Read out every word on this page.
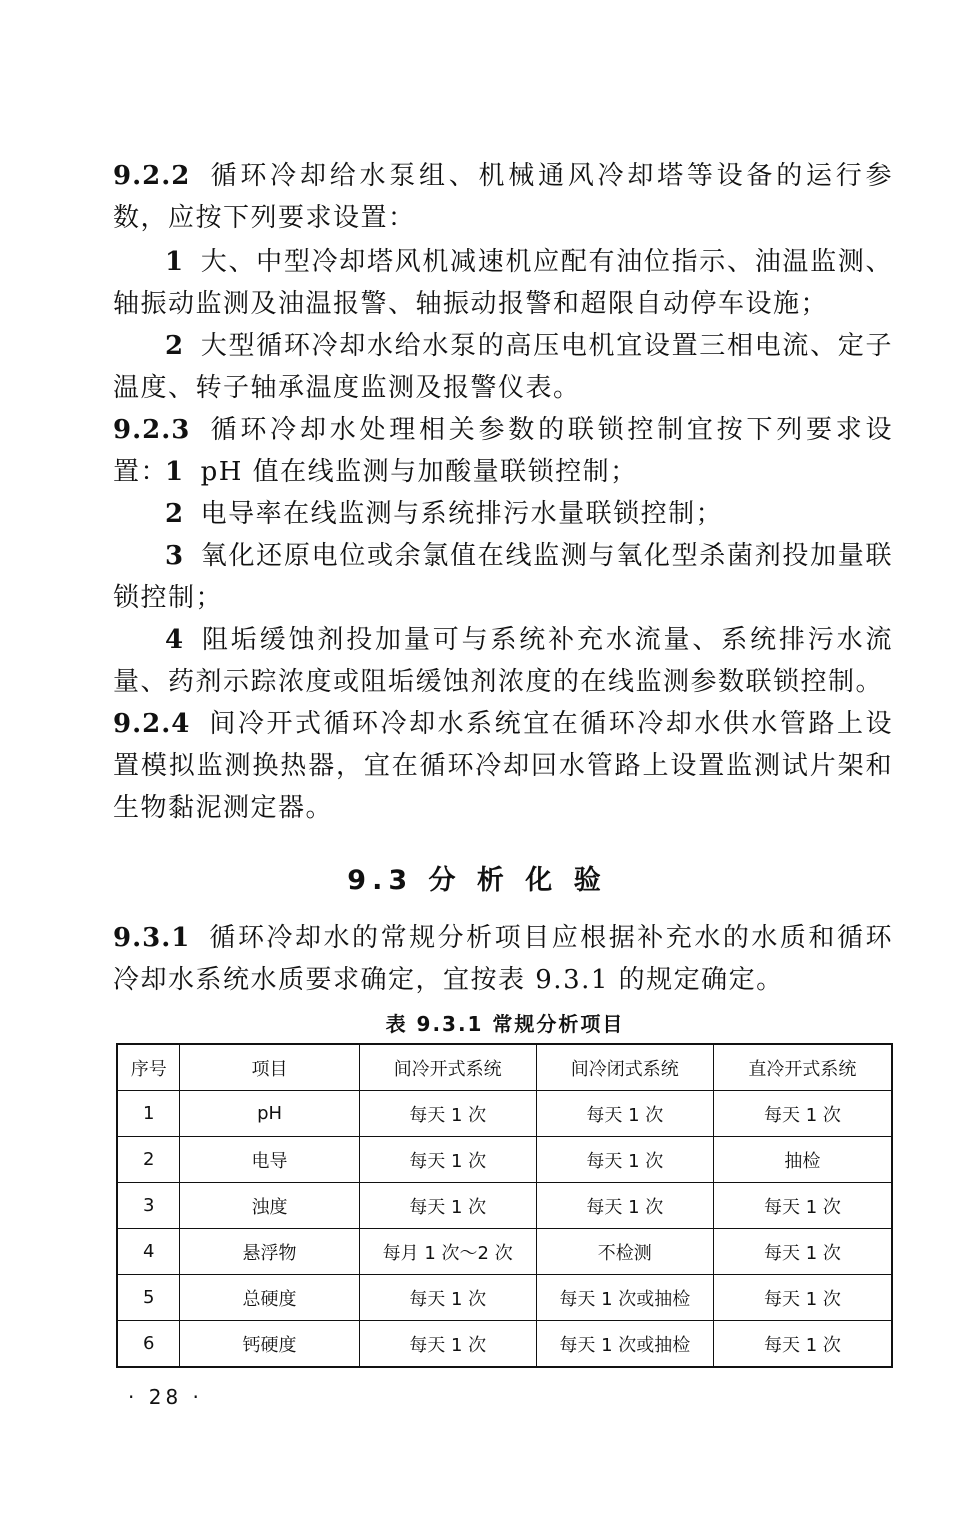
9.2.2 循环冷却给水泵组、机械通风冷却塔等设备的运行参数，应按下列要求设置：
1 大、中型冷却塔风机减速机应配有油位指示、油温监测、轴振动监测及油温报警、轴振动报警和超限自动停车设施；
2 大型循环冷却水给水泵的高压电机宜设置三相电流、定子温度、转子轴承温度监测及报警仪表。
9.2.3 循环冷却水处理相关参数的联锁控制宜按下列要求设置：
1 pH 值在线监测与加酸量联锁控制；
2 电导率在线监测与系统排污水量联锁控制；
3 氧化还原电位或余氯值在线监测与氧化型杀菌剂投加量联锁控制；
4 阻垢缓蚀剂投加量可与系统补充水流量、系统排污水流量、药剂示踪浓度或阻垢缓蚀剂浓度的在线监测参数联锁控制。
9.2.4 间冷开式循环冷却水系统宜在循环冷却水供水管路上设置模拟监测换热器，宜在循环冷却回水管路上设置监测试片架和生物黏泥测定器。
9.3 分 析 化 验
9.3.1 循环冷却水的常规分析项目应根据补充水的水质和循环冷却水系统水质要求确定，宜按表 9.3.1 的规定确定。
表 9.3.1 常规分析项目
序号	项目	间冷开式系统	间冷闭式系统	直冷开式系统
1	pH	每天 1 次	每天 1 次	每天 1 次
2	电导	每天 1 次	每天 1 次	抽检
3	浊度	每天 1 次	每天 1 次	每天 1 次
4	悬浮物	每月 1 次～2 次	不检测	每天 1 次
5	总硬度	每天 1 次	每天 1 次或抽检	每天 1 次
6	钙硬度	每天 1 次	每天 1 次或抽检	每天 1 次
· 28 ·
